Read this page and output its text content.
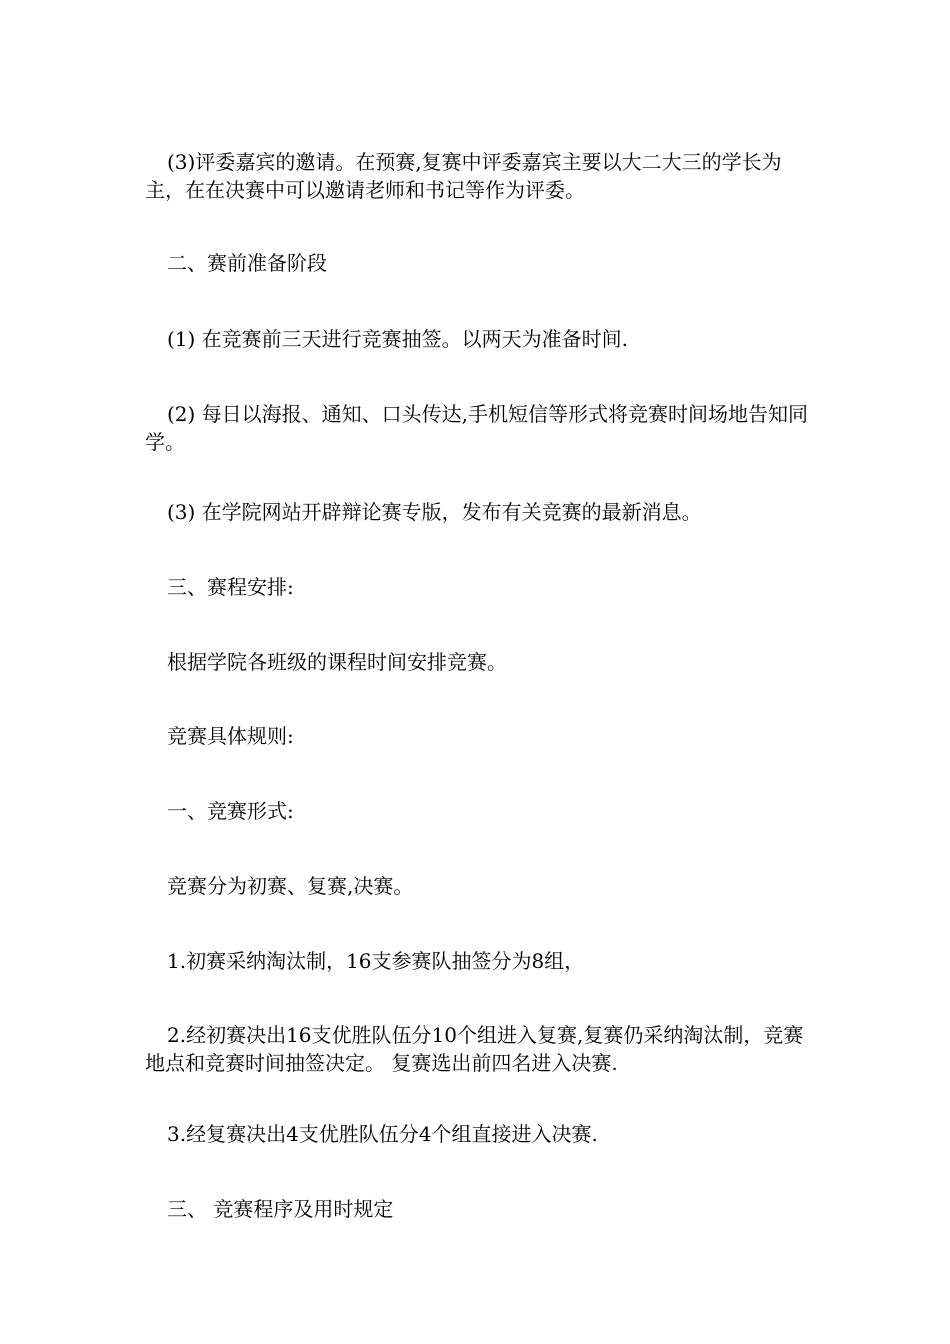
(3)评委嘉宾的邀请。在预赛,复赛中评委嘉宾主要以大二大三的学长为主，在在决赛中可以邀请老师和书记等作为评委。

二、赛前准备阶段

(1) 在竞赛前三天进行竞赛抽签。以两天为准备时间.

(2) 每日以海报、通知、口头传达,手机短信等形式将竞赛时间场地告知同学。

(3) 在学院网站开辟辩论赛专版，发布有关竞赛的最新消息。

三、赛程安排:

根据学院各班级的课程时间安排竞赛。

竞赛具体规则:

一、竞赛形式:

竞赛分为初赛、复赛,决赛。

1.初赛采纳淘汰制，16支参赛队抽签分为8组，

2.经初赛决出16支优胜队伍分10个组进入复赛,复赛仍采纳淘汰制，竞赛地点和竞赛时间抽签决定。 复赛选出前四名进入决赛.

3.经复赛决出4支优胜队伍分4个组直接进入决赛.

三、 竞赛程序及用时规定
